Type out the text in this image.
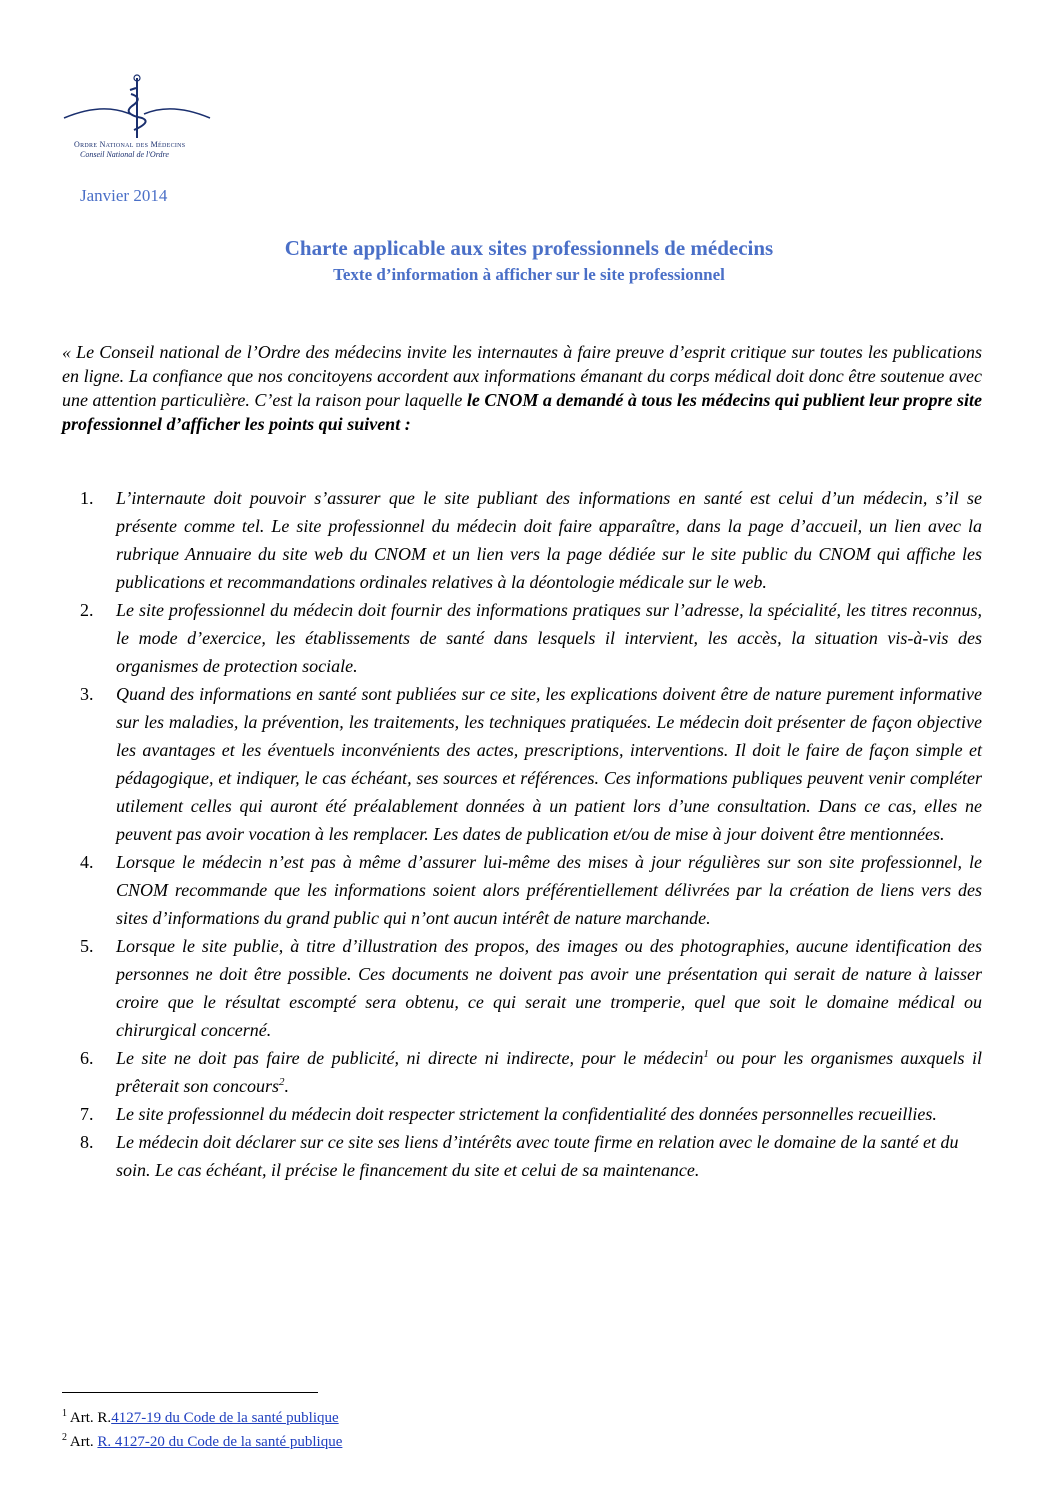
Ordre National des Médecins
Conseil National de l'Ordre
Janvier 2014
Charte applicable aux sites professionnels de médecins
Texte d’information à afficher sur le site professionnel
« Le Conseil national de l’Ordre des médecins invite les internautes à faire preuve d’esprit critique sur toutes les publications en ligne. La confiance que nos concitoyens accordent aux informations émanant du corps médical doit donc être soutenue avec une attention particulière. C’est la raison pour laquelle le CNOM a demandé à tous les médecins qui publient leur propre site professionnel d’afficher les points qui suivent :
1. L’internaute doit pouvoir s’assurer que le site publiant des informations en santé est celui d’un médecin, s’il se présente comme tel. Le site professionnel du médecin doit faire apparaître, dans la page d’accueil, un lien avec la rubrique Annuaire du site web du CNOM et un lien vers la page dédiée sur le site public du CNOM qui affiche les publications et recommandations ordinales relatives à la déontologie médicale sur le web.
2. Le site professionnel du médecin doit fournir des informations pratiques sur l’adresse, la spécialité, les titres reconnus, le mode d’exercice, les établissements de santé dans lesquels il intervient, les accès, la situation vis-à-vis des organismes de protection sociale.
3. Quand des informations en santé sont publiées sur ce site, les explications doivent être de nature purement informative sur les maladies, la prévention, les traitements, les techniques pratiquées. Le médecin doit présenter de façon objective les avantages et les éventuels inconvénients des actes, prescriptions, interventions. Il doit le faire de façon simple et pédagogique, et indiquer, le cas échéant, ses sources et références. Ces informations publiques peuvent venir compléter utilement celles qui auront été préalablement données à un patient lors d’une consultation. Dans ce cas, elles ne peuvent pas avoir vocation à les remplacer. Les dates de publication et/ou de mise à jour doivent être mentionnées.
4. Lorsque le médecin n’est pas à même d’assurer lui-même des mises à jour régulières sur son site professionnel, le CNOM recommande que les informations soient alors préférentiellement délivrées par la création de liens vers des sites d’informations du grand public qui n’ont aucun intérêt de nature marchande.
5. Lorsque le site publie, à titre d’illustration des propos, des images ou des photographies, aucune identification des personnes ne doit être possible. Ces documents ne doivent pas avoir une présentation qui serait de nature à laisser croire que le résultat escompté sera obtenu, ce qui serait une tromperie, quel que soit le domaine médical ou chirurgical concerné.
6. Le site ne doit pas faire de publicité, ni directe ni indirecte, pour le médecin$^1$ ou pour les organismes auxquels il prêterait son concours$^2$.
7. Le site professionnel du médecin doit respecter strictement la confidentialité des données personnelles recueillies.
8. Le médecin doit déclarer sur ce site ses liens d’intérêts avec toute firme en relation avec le domaine de la santé et du soin. Le cas échéant, il précise le financement du site et celui de sa maintenance.
$^1$ Art. R.4127-19 du Code de la santé publique
$^2$ Art. R. 4127-20 du Code de la santé publique
